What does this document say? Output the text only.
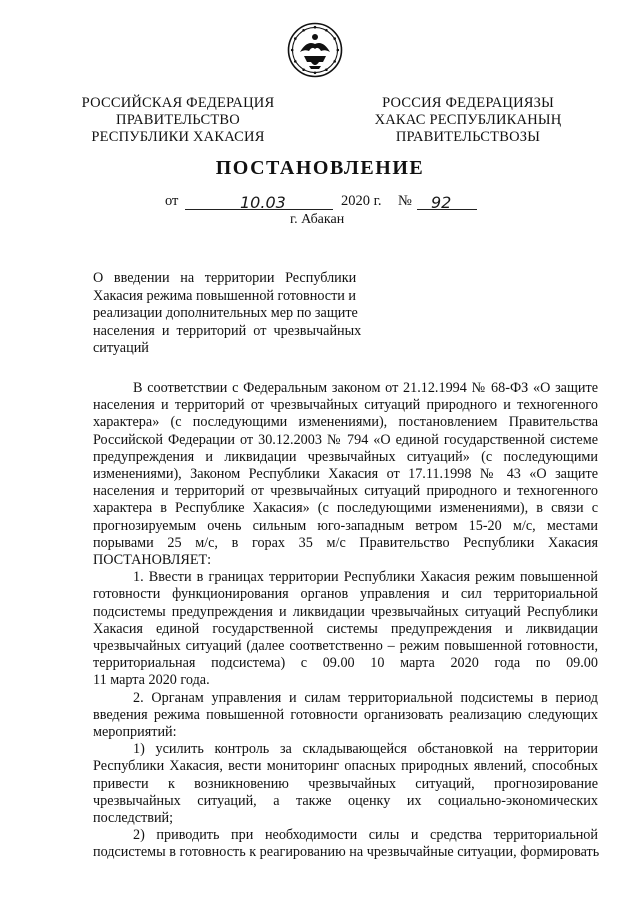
РОССИЙСКАЯ ФЕДЕРАЦИЯ
ПРАВИТЕЛЬСТВО
РЕСПУБЛИКИ ХАКАСИЯ
РОССИЯ ФЕДЕРАЦИЯЗЫ
ХАКАС РЕСПУБЛИКАНЫҢ
ПРАВИТЕЛЬСТВОЗЫ
ПОСТАНОВЛЕНИЕ
от	10.03	2020 г. № 92
г. Абакан
О   введении   на   территории   Республики
Хакасия режима повышенной готовности и
реализации дополнительных мер по защите
населения  и  территорий  от  чрезвычайных
ситуаций
В соответствии с Федеральным законом от 21.12.1994 № 68-ФЗ «О защите
населения и территорий от чрезвычайных ситуаций природного и техногенного
характера» (с последующими изменениями), постановлением Правительства
Российской Федерации от 30.12.2003 № 794 «О единой государственной системе
предупреждения и ликвидации чрезвычайных ситуаций» (с последующими
изменениями), Законом Республики Хакасия от 17.11.1998 № 43 «О защите
населения и территорий от чрезвычайных ситуаций природного и техногенного
характера в Республике Хакасия» (с последующими изменениями), в связи с
прогнозируемым очень сильным юго-западным ветром 15-20 м/с, местами
порывами 25 м/с, в горах 35 м/с Правительство Республики Хакасия
ПОСТАНОВЛЯЕТ:
1. Ввести в границах территории Республики Хакасия режим повышенной
готовности функционирования органов управления и сил территориальной
подсистемы предупреждения и ликвидации чрезвычайных ситуаций Республики
Хакасия единой государственной системы предупреждения и ликвидации
чрезвычайных ситуаций (далее соответственно – режим повышенной готовности,
территориальная подсистема) с 09.00 10 марта 2020 года по 09.00
11 марта 2020 года.
2. Органам управления и силам территориальной подсистемы в период
введения режима повышенной готовности организовать реализацию следующих
мероприятий:
1) усилить контроль за складывающейся обстановкой на территории
Республики Хакасия, вести мониторинг опасных природных явлений, способных
привести к возникновению чрезвычайных ситуаций, прогнозирование
чрезвычайных ситуаций, а также оценку их социально-экономических
последствий;
2) приводить при необходимости силы и средства территориальной
подсистемы в готовность к реагированию на чрезвычайные ситуации, формировать
